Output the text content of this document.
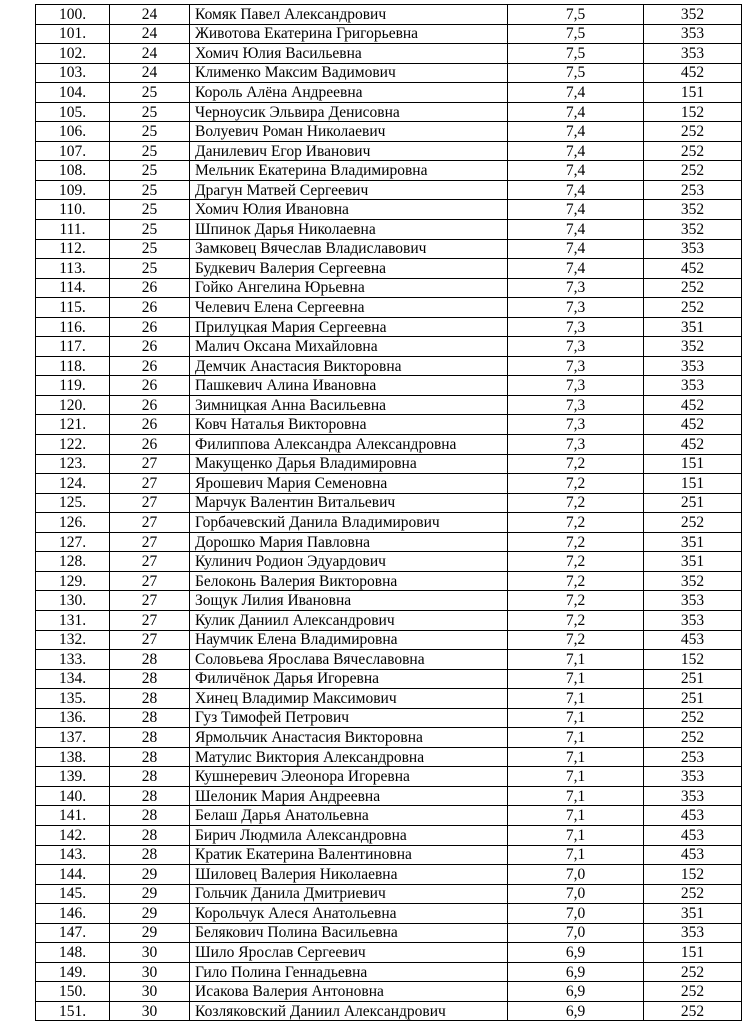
100.	24	Комяк Павел Александрович	7,5	352
101.	24	Животова Екатерина Григорьевна	7,5	353
102.	24	Хомич Юлия Васильевна	7,5	353
103.	24	Клименко Максим Вадимович	7,5	452
104.	25	Король Алёна Андреевна	7,4	151
105.	25	Черноусик Эльвира Денисовна	7,4	152
106.	25	Волуевич Роман Николаевич	7,4	252
107.	25	Данилевич Егор Иванович	7,4	252
108.	25	Мельник Екатерина Владимировна	7,4	252
109.	25	Драгун Матвей Сергеевич	7,4	253
110.	25	Хомич Юлия Ивановна	7,4	352
111.	25	Шпинок Дарья Николаевна	7,4	352
112.	25	Замковец Вячеслав Владиславович	7,4	353
113.	25	Будкевич Валерия Сергеевна	7,4	452
114.	26	Гойко Ангелина Юрьевна	7,3	252
115.	26	Челевич Елена Сергеевна	7,3	252
116.	26	Прилуцкая Мария Сергеевна	7,3	351
117.	26	Малич Оксана Михайловна	7,3	352
118.	26	Демчик Анастасия Викторовна	7,3	353
119.	26	Пашкевич Алина Ивановна	7,3	353
120.	26	Зимницкая Анна Васильевна	7,3	452
121.	26	Ковч Наталья Викторовна	7,3	452
122.	26	Филиппова Александра Александровна	7,3	452
123.	27	Макущенко Дарья Владимировна	7,2	151
124.	27	Ярошевич Мария Семеновна	7,2	151
125.	27	Марчук Валентин Витальевич	7,2	251
126.	27	Горбачевский Данила Владимирович	7,2	252
127.	27	Дорошко Мария Павловна	7,2	351
128.	27	Кулинич Родион Эдуардович	7,2	351
129.	27	Белоконь Валерия Викторовна	7,2	352
130.	27	Зощук Лилия Ивановна	7,2	353
131.	27	Кулик Даниил Александрович	7,2	353
132.	27	Наумчик Елена Владимировна	7,2	453
133.	28	Соловьева Ярослава Вячеславовна	7,1	152
134.	28	Филичёнок Дарья Игоревна	7,1	251
135.	28	Хинец Владимир Максимович	7,1	251
136.	28	Гуз Тимофей Петрович	7,1	252
137.	28	Ярмольчик Анастасия Викторовна	7,1	252
138.	28	Матулис Виктория Александровна	7,1	253
139.	28	Кушнеревич Элеонора Игоревна	7,1	353
140.	28	Шелоник Мария Андреевна	7,1	353
141.	28	Белаш Дарья Анатольевна	7,1	453
142.	28	Бирич Людмила Александровна	7,1	453
143.	28	Кратик Екатерина Валентиновна	7,1	453
144.	29	Шиловец Валерия Николаевна	7,0	152
145.	29	Гольчик Данила Дмитриевич	7,0	252
146.	29	Корольчук Алеся Анатольевна	7,0	351
147.	29	Белякович Полина Васильевна	7,0	353
148.	30	Шило Ярослав Сергеевич	6,9	151
149.	30	Гило Полина Геннадьевна	6,9	252
150.	30	Исакова Валерия Антоновна	6,9	252
151.	30	Козляковский Даниил Александрович	6,9	252
